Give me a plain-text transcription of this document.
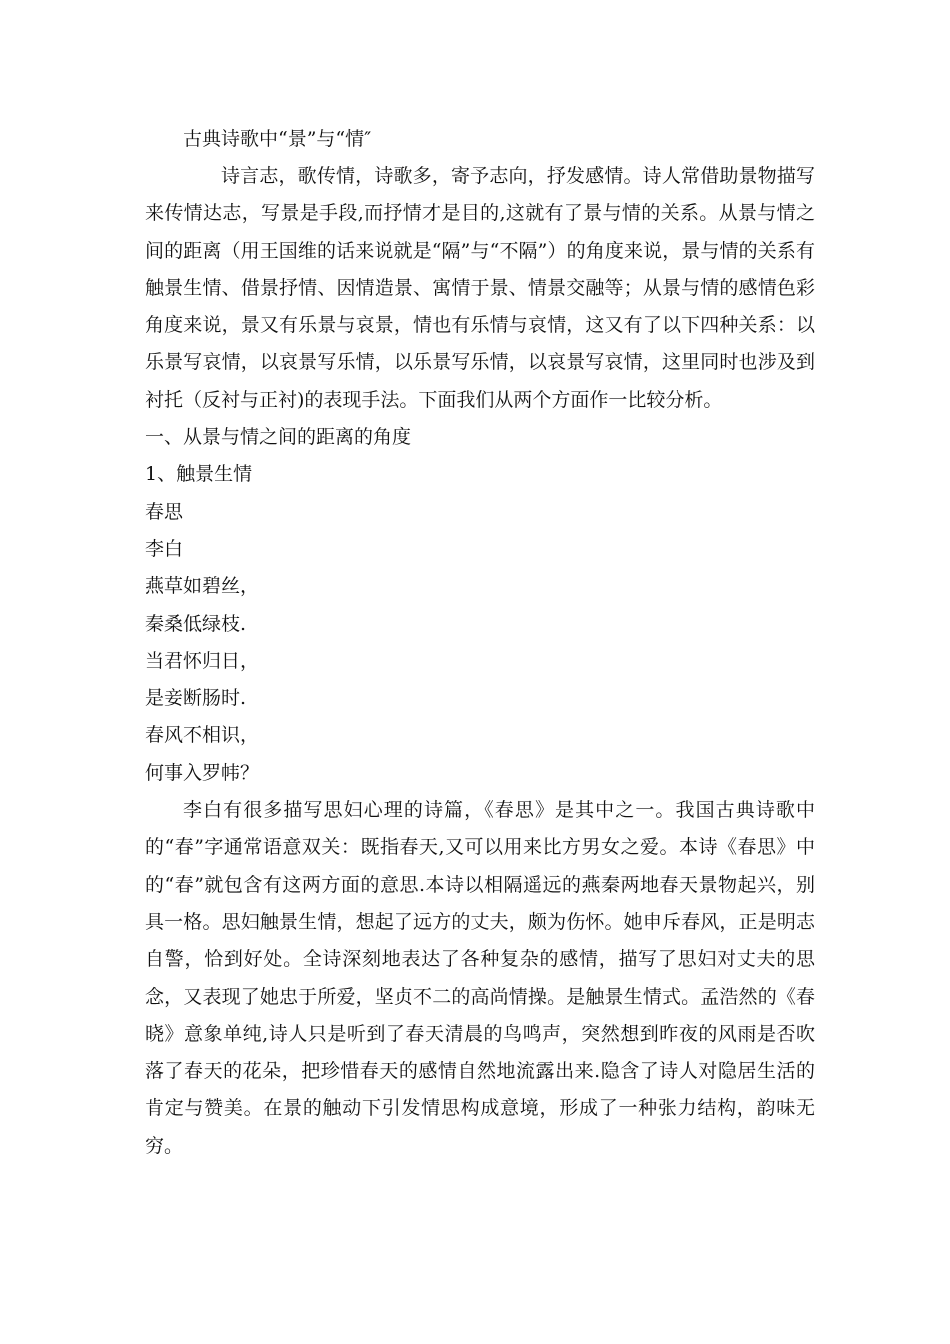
古典诗歌中“景”与“情″

诗言志，歌传情，诗歌多，寄予志向，抒发感情。诗人常借助景物描写来传情达志，写景是手段,而抒情才是目的,这就有了景与情的关系。从景与情之间的距离（用王国维的话来说就是“隔”与“不隔”）的角度来说，景与情的关系有触景生情、借景抒情、因情造景、寓情于景、情景交融等；从景与情的感情色彩角度来说，景又有乐景与哀景，情也有乐情与哀情，这又有了以下四种关系：以乐景写哀情，以哀景写乐情，以乐景写乐情，以哀景写哀情，这里同时也涉及到衬托（反衬与正衬)的表现手法。下面我们从两个方面作一比较分析。

一、从景与情之间的距离的角度

1、触景生情

春思

李白

燕草如碧丝，

秦桑低绿枝.

当君怀归日，

是妾断肠时.

春风不相识，

何事入罗帏？

李白有很多描写思妇心理的诗篇，《春思》是其中之一。我国古典诗歌中的“春”字通常语意双关：既指春天,又可以用来比方男女之爱。本诗《春思》中的“春”就包含有这两方面的意思.本诗以相隔遥远的燕秦两地春天景物起兴，别具一格。思妇触景生情，想起了远方的丈夫，颇为伤怀。她申斥春风，正是明志自警，恰到好处。全诗深刻地表达了各种复杂的感情，描写了思妇对丈夫的思念，又表现了她忠于所爱，坚贞不二的高尚情操。是触景生情式。孟浩然的《春晓》意象单纯,诗人只是听到了春天清晨的鸟鸣声，突然想到昨夜的风雨是否吹落了春天的花朵，把珍惜春天的感情自然地流露出来.隐含了诗人对隐居生活的肯定与赞美。在景的触动下引发情思构成意境，形成了一种张力结构，韵味无穷。
